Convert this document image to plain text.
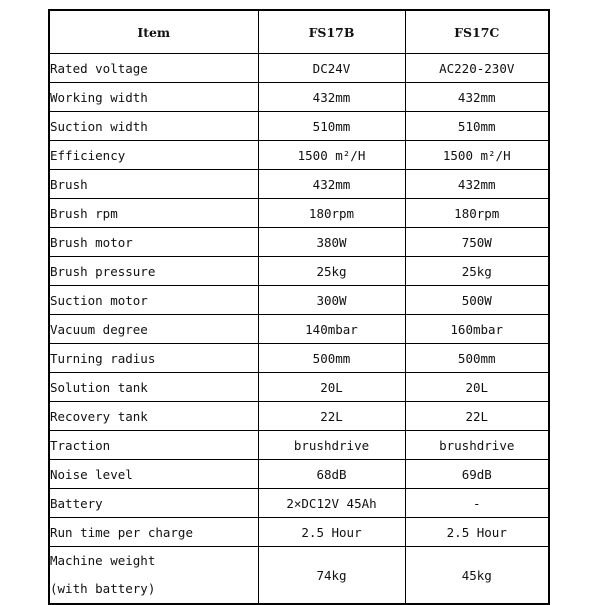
Item	FS17B	FS17C
Rated voltage	DC24V	AC220-230V
Working width	432mm	432mm
Suction width	510mm	510mm
Efficiency	1500 m²/H	1500 m²/H
Brush	432mm	432mm
Brush rpm	180rpm	180rpm
Brush motor	380W	750W
Brush pressure	25kg	25kg
Suction motor	300W	500W
Vacuum degree	140mbar	160mbar
Turning radius	500mm	500mm
Solution tank	20L	20L
Recovery tank	22L	22L
Traction	brushdrive	brushdrive
Noise level	68dB	69dB
Battery	2×DC12V 45Ah	-
Run time per charge	2.5 Hour	2.5 Hour

Machine weight
(with battery)	74kg	45kg
